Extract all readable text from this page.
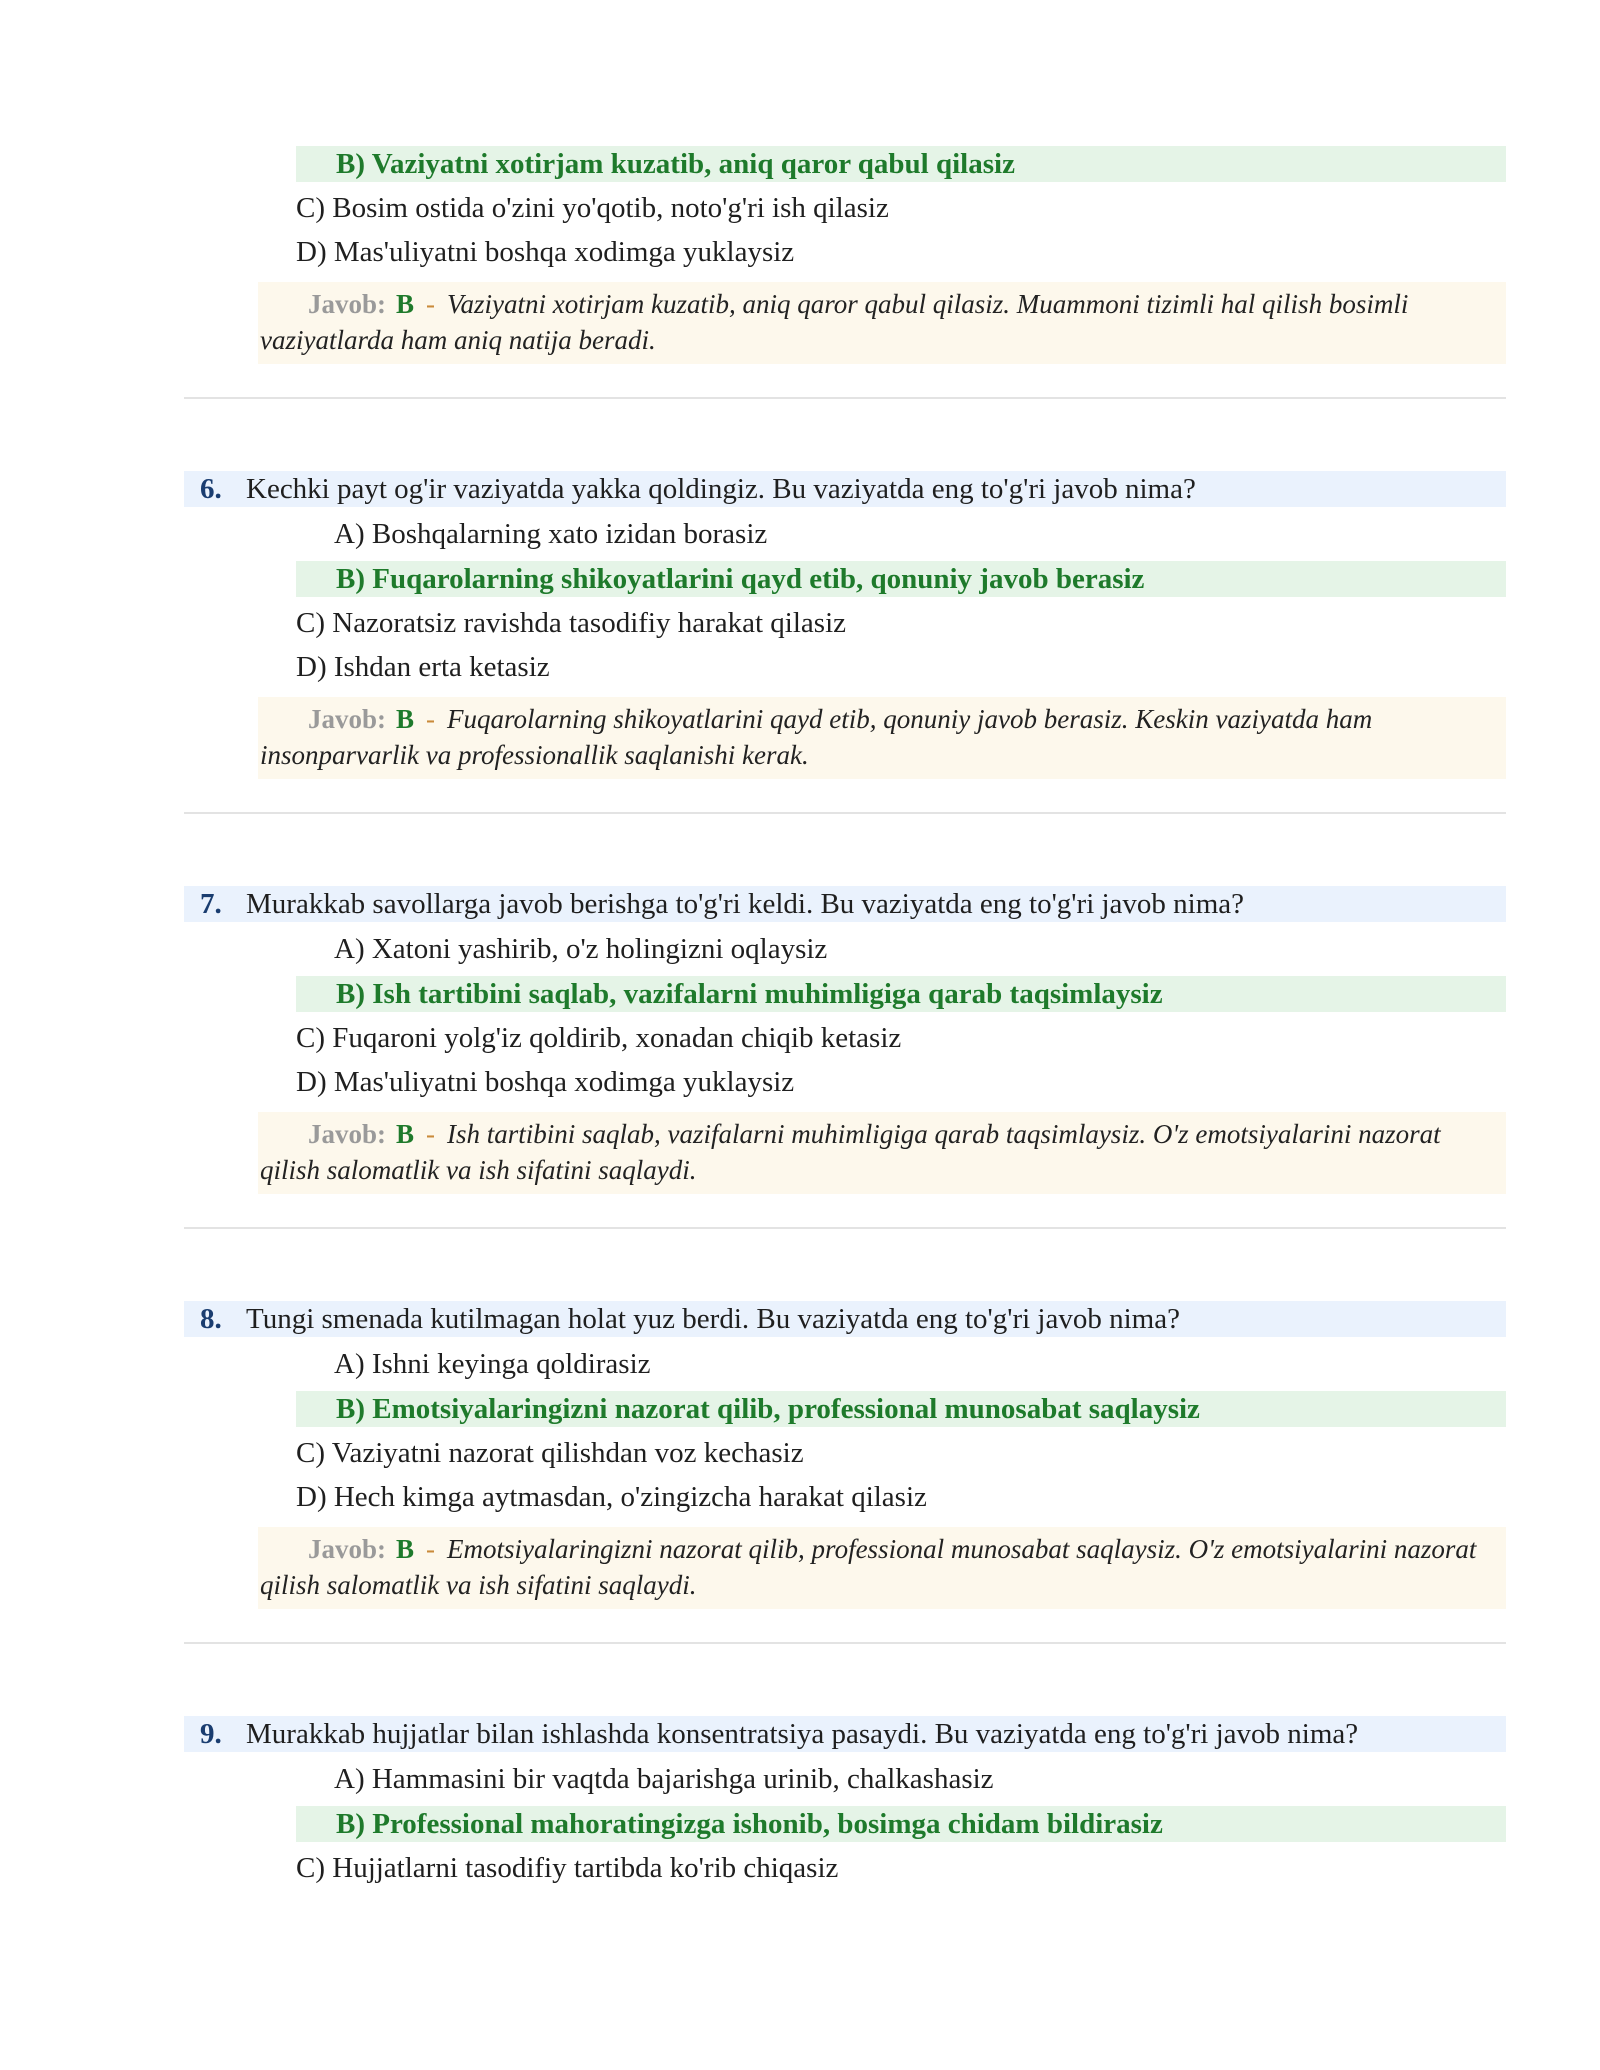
B) Vaziyatni xotirjam kuzatib, aniq qaror qabul qilasiz
C) Bosim ostida o'zini yo'qotib, noto'g'ri ish qilasiz
D) Mas'uliyatni boshqa xodimga yuklaysiz
Javob: B - Vaziyatni xotirjam kuzatib, aniq qaror qabul qilasiz. Muammoni tizimli hal qilish bosimli vaziyatlarda ham aniq natija beradi.
6. Kechki payt og'ir vaziyatda yakka qoldingiz. Bu vaziyatda eng to'g'ri javob nima?
A) Boshqalarning xato izidan borasiz
B) Fuqarolarning shikoyatlarini qayd etib, qonuniy javob berasiz
C) Nazoratsiz ravishda tasodifiy harakat qilasiz
D) Ishdan erta ketasiz
Javob: B - Fuqarolarning shikoyatlarini qayd etib, qonuniy javob berasiz. Keskin vaziyatda ham insonparvarlik va professionallik saqlanishi kerak.
7. Murakkab savollarga javob berishga to'g'ri keldi. Bu vaziyatda eng to'g'ri javob nima?
A) Xatoni yashirib, o'z holingizni oqlaysiz
B) Ish tartibini saqlab, vazifalarni muhimligiga qarab taqsimlaysiz
C) Fuqaroni yolg'iz qoldirib, xonadan chiqib ketasiz
D) Mas'uliyatni boshqa xodimga yuklaysiz
Javob: B - Ish tartibini saqlab, vazifalarni muhimligiga qarab taqsimlaysiz. O'z emotsiyalarini nazorat qilish salomatlik va ish sifatini saqlaydi.
8. Tungi smenada kutilmagan holat yuz berdi. Bu vaziyatda eng to'g'ri javob nima?
A) Ishni keyinga qoldirasiz
B) Emotsiyalaringizni nazorat qilib, professional munosabat saqlaysiz
C) Vaziyatni nazorat qilishdan voz kechasiz
D) Hech kimga aytmasdan, o'zingizcha harakat qilasiz
Javob: B - Emotsiyalaringizni nazorat qilib, professional munosabat saqlaysiz. O'z emotsiyalarini nazorat qilish salomatlik va ish sifatini saqlaydi.
9. Murakkab hujjatlar bilan ishlashda konsentratsiya pasaydi. Bu vaziyatda eng to'g'ri javob nima?
A) Hammasini bir vaqtda bajarishga urinib, chalkashasiz
B) Professional mahoratingizga ishonib, bosimga chidam bildirasiz
C) Hujjatlarni tasodifiy tartibda ko'rib chiqasiz
